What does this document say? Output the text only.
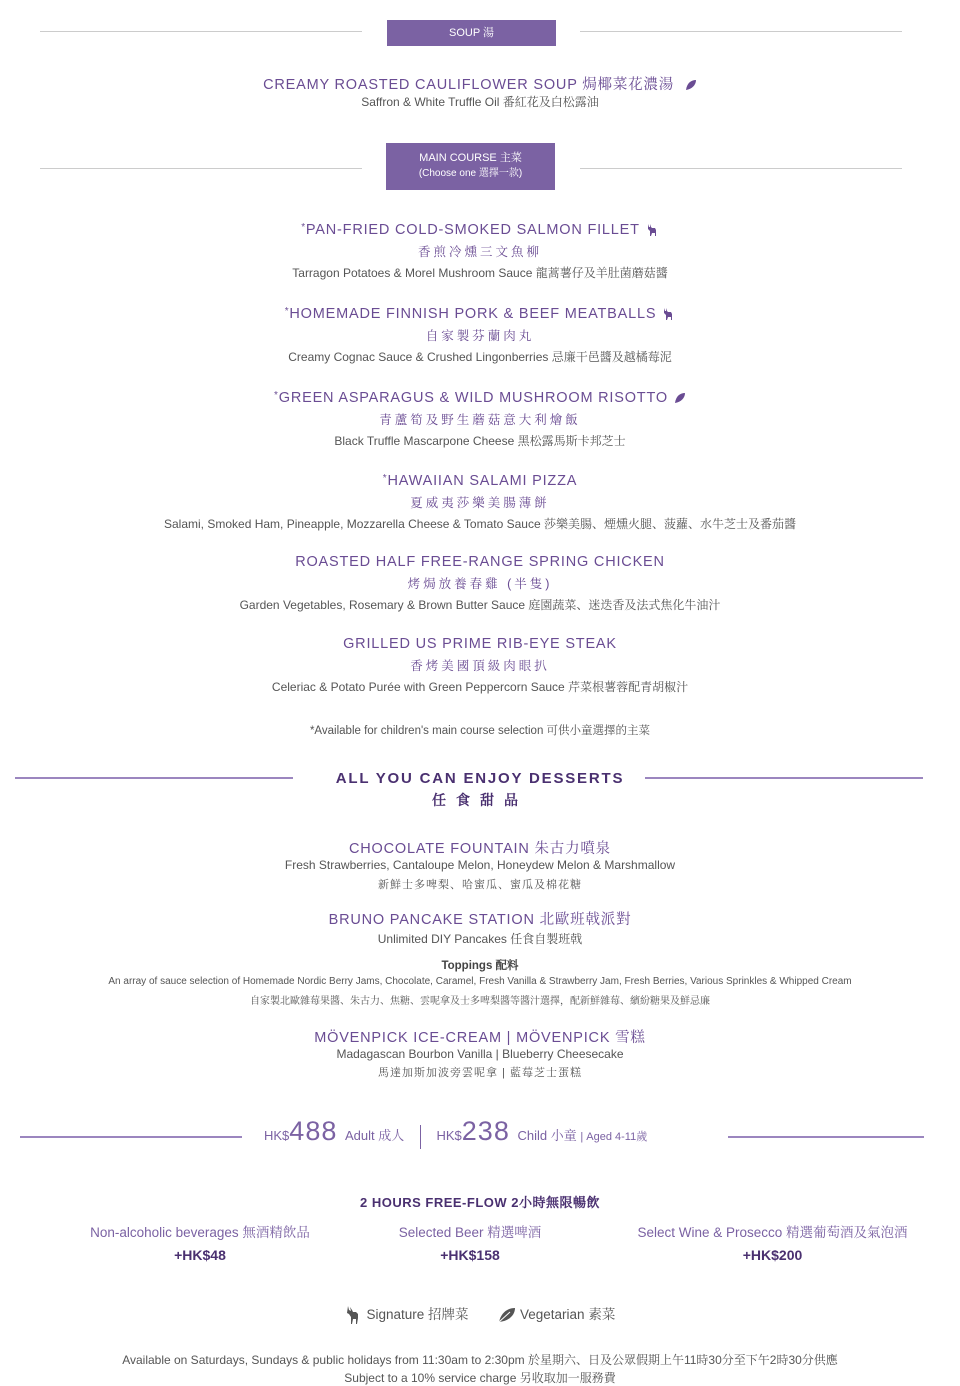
SOUP 湯
CREAMY ROASTED CAULIFLOWER SOUP 焗椰菜花濃湯
Saffron & White Truffle Oil 番紅花及白松露油
MAIN COURSE 主菜
(Choose one 選擇一款)
*PAN-FRIED COLD-SMOKED SALMON FILLET
香煎冷燻三文魚柳
Tarragon Potatoes & Morel Mushroom Sauce 龍蒿薯仔及羊肚菌蘑菇醬
*HOMEMADE FINNISH PORK & BEEF MEATBALLS
自家製芬蘭肉丸
Creamy Cognac Sauce & Crushed Lingonberries 忌廉干邑醬及越橘莓泥
*GREEN ASPARAGUS & WILD MUSHROOM RISOTTO
青蘆筍及野生蘑菇意大利燴飯
Black Truffle Mascarpone Cheese 黑松露馬斯卡邦芝士
*HAWAIIAN SALAMI PIZZA
夏威夷莎樂美腸薄餅
Salami, Smoked Ham, Pineapple, Mozzarella Cheese & Tomato Sauce 莎樂美腸、煙燻火腿、菠蘿、水牛芝士及番茄醬
ROASTED HALF FREE-RANGE SPRING CHICKEN
烤焗放養春雞 (半隻)
Garden Vegetables, Rosemary & Brown Butter Sauce 庭園蔬菜、迷迭香及法式焦化牛油汁
GRILLED US PRIME RIB-EYE STEAK
香烤美國頂級肉眼扒
Celeriac & Potato Purée with Green Peppercorn Sauce 芹菜根薯蓉配青胡椒汁
*Available for children's main course selection 可供小童選擇的主菜
ALL YOU CAN ENJOY DESSERTS
任食甜品
CHOCOLATE FOUNTAIN 朱古力噴泉
Fresh Strawberries, Cantaloupe Melon, Honeydew Melon & Marshmallow
新鮮士多啤梨、哈蜜瓜、蜜瓜及棉花糖
BRUNO PANCAKE STATION 北歐班戟派對
Unlimited DIY Pancakes 任食自製班戟
Toppings 配料
An array of sauce selection of Homemade Nordic Berry Jams, Chocolate, Caramel, Fresh Vanilla & Strawberry Jam, Fresh Berries, Various Sprinkles & Whipped Cream
自家製北歐雜莓果醬、朱古力、焦糖、雲呢拿及士多啤梨醬等醬汁選擇，配新鮮雜莓、繽紛糖果及鮮忌廉
MÖVENPICK ICE-CREAM | MÖVENPICK 雪糕
Madagascan Bourbon Vanilla | Blueberry Cheesecake
馬達加斯加波旁雲呢拿 | 藍莓芝士蛋糕
HK$488 Adult 成人 HK$238 Child 小童 | Aged 4-11歲
2 HOURS FREE-FLOW 2小時無限暢飲
Non-alcoholic beverages 無酒精飲品
+HK$48
Selected Beer 精選啤酒
+HK$158
Select Wine & Prosecco 精選葡萄酒及氣泡酒
+HK$200
Signature 招牌菜	Vegetarian 素菜
Available on Saturdays, Sundays & public holidays from 11:30am to 2:30pm 於星期六、日及公眾假期上午11時30分至下午2時30分供應
Subject to a 10% service charge 另收取加一服務費
